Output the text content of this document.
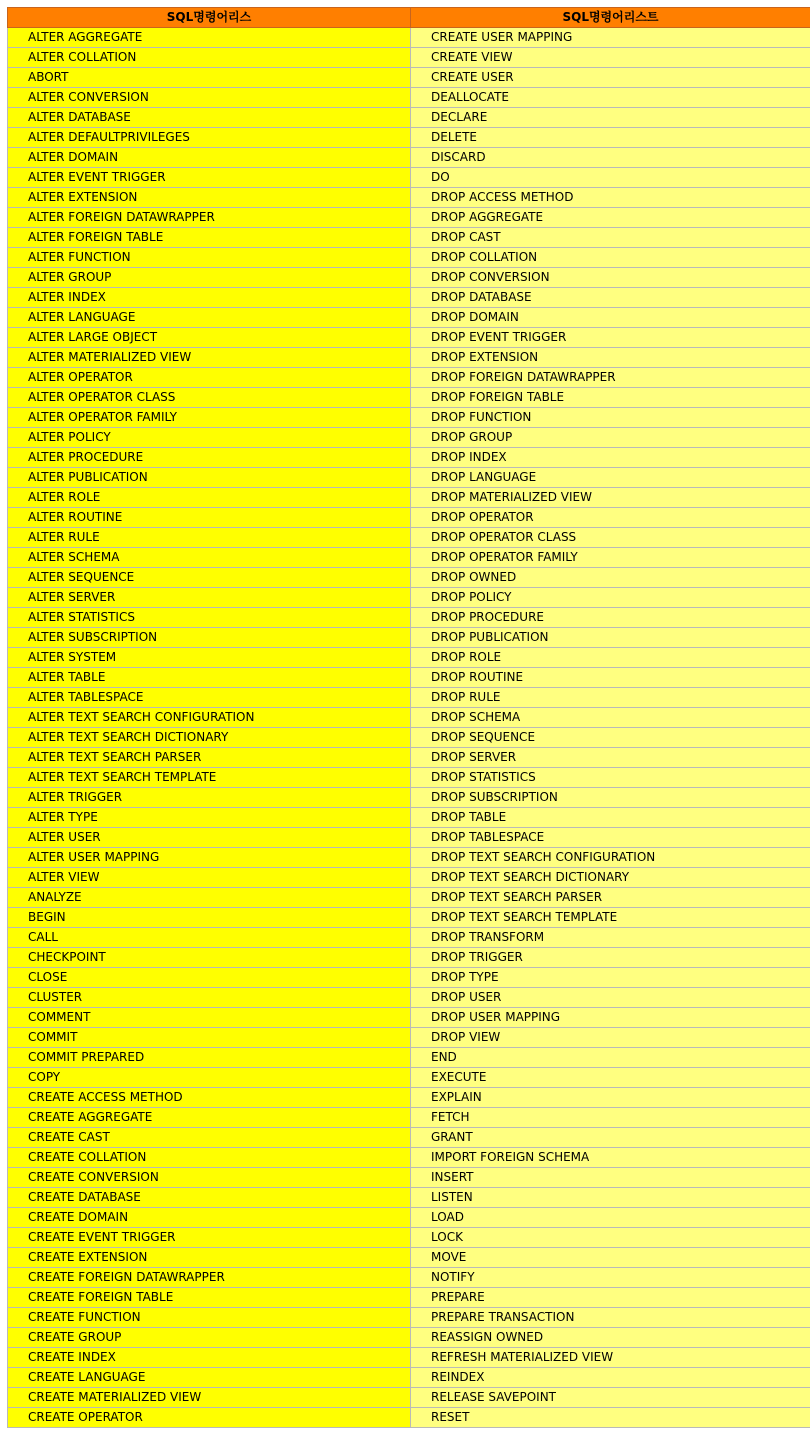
SQL명령어리스	SQL명령어리스트
ALTER AGGREGATE	CREATE USER MAPPING
ALTER COLLATION	CREATE VIEW
ABORT	CREATE USER
ALTER CONVERSION	DEALLOCATE
ALTER DATABASE	DECLARE
ALTER DEFAULTPRIVILEGES	DELETE
ALTER DOMAIN	DISCARD
ALTER EVENT TRIGGER	DO
ALTER EXTENSION	DROP ACCESS METHOD
ALTER FOREIGN DATAWRAPPER	DROP AGGREGATE
ALTER FOREIGN TABLE	DROP CAST
ALTER FUNCTION	DROP COLLATION
ALTER GROUP	DROP CONVERSION
ALTER INDEX	DROP DATABASE
ALTER LANGUAGE	DROP DOMAIN
ALTER LARGE OBJECT	DROP EVENT TRIGGER
ALTER MATERIALIZED VIEW	DROP EXTENSION
ALTER OPERATOR	DROP FOREIGN DATAWRAPPER
ALTER OPERATOR CLASS	DROP FOREIGN TABLE
ALTER OPERATOR FAMILY	DROP FUNCTION
ALTER POLICY	DROP GROUP
ALTER PROCEDURE	DROP INDEX
ALTER PUBLICATION	DROP LANGUAGE
ALTER ROLE	DROP MATERIALIZED VIEW
ALTER ROUTINE	DROP OPERATOR
ALTER RULE	DROP OPERATOR CLASS
ALTER SCHEMA	DROP OPERATOR FAMILY
ALTER SEQUENCE	DROP OWNED
ALTER SERVER	DROP POLICY
ALTER STATISTICS	DROP PROCEDURE
ALTER SUBSCRIPTION	DROP PUBLICATION
ALTER SYSTEM	DROP ROLE
ALTER TABLE	DROP ROUTINE
ALTER TABLESPACE	DROP RULE
ALTER TEXT SEARCH CONFIGURATION	DROP SCHEMA
ALTER TEXT SEARCH DICTIONARY	DROP SEQUENCE
ALTER TEXT SEARCH PARSER	DROP SERVER
ALTER TEXT SEARCH TEMPLATE	DROP STATISTICS
ALTER TRIGGER	DROP SUBSCRIPTION
ALTER TYPE	DROP TABLE
ALTER USER	DROP TABLESPACE
ALTER USER MAPPING	DROP TEXT SEARCH CONFIGURATION
ALTER VIEW	DROP TEXT SEARCH DICTIONARY
ANALYZE	DROP TEXT SEARCH PARSER
BEGIN	DROP TEXT SEARCH TEMPLATE
CALL	DROP TRANSFORM
CHECKPOINT	DROP TRIGGER
CLOSE	DROP TYPE
CLUSTER	DROP USER
COMMENT	DROP USER MAPPING
COMMIT	DROP VIEW
COMMIT PREPARED	END
COPY	EXECUTE
CREATE ACCESS METHOD	EXPLAIN
CREATE AGGREGATE	FETCH
CREATE CAST	GRANT
CREATE COLLATION	IMPORT FOREIGN SCHEMA
CREATE CONVERSION	INSERT
CREATE DATABASE	LISTEN
CREATE DOMAIN	LOAD
CREATE EVENT TRIGGER	LOCK
CREATE EXTENSION	MOVE
CREATE FOREIGN DATAWRAPPER	NOTIFY
CREATE FOREIGN TABLE	PREPARE
CREATE FUNCTION	PREPARE TRANSACTION
CREATE GROUP	REASSIGN OWNED
CREATE INDEX	REFRESH MATERIALIZED VIEW
CREATE LANGUAGE	REINDEX
CREATE MATERIALIZED VIEW	RELEASE SAVEPOINT
CREATE OPERATOR	RESET
